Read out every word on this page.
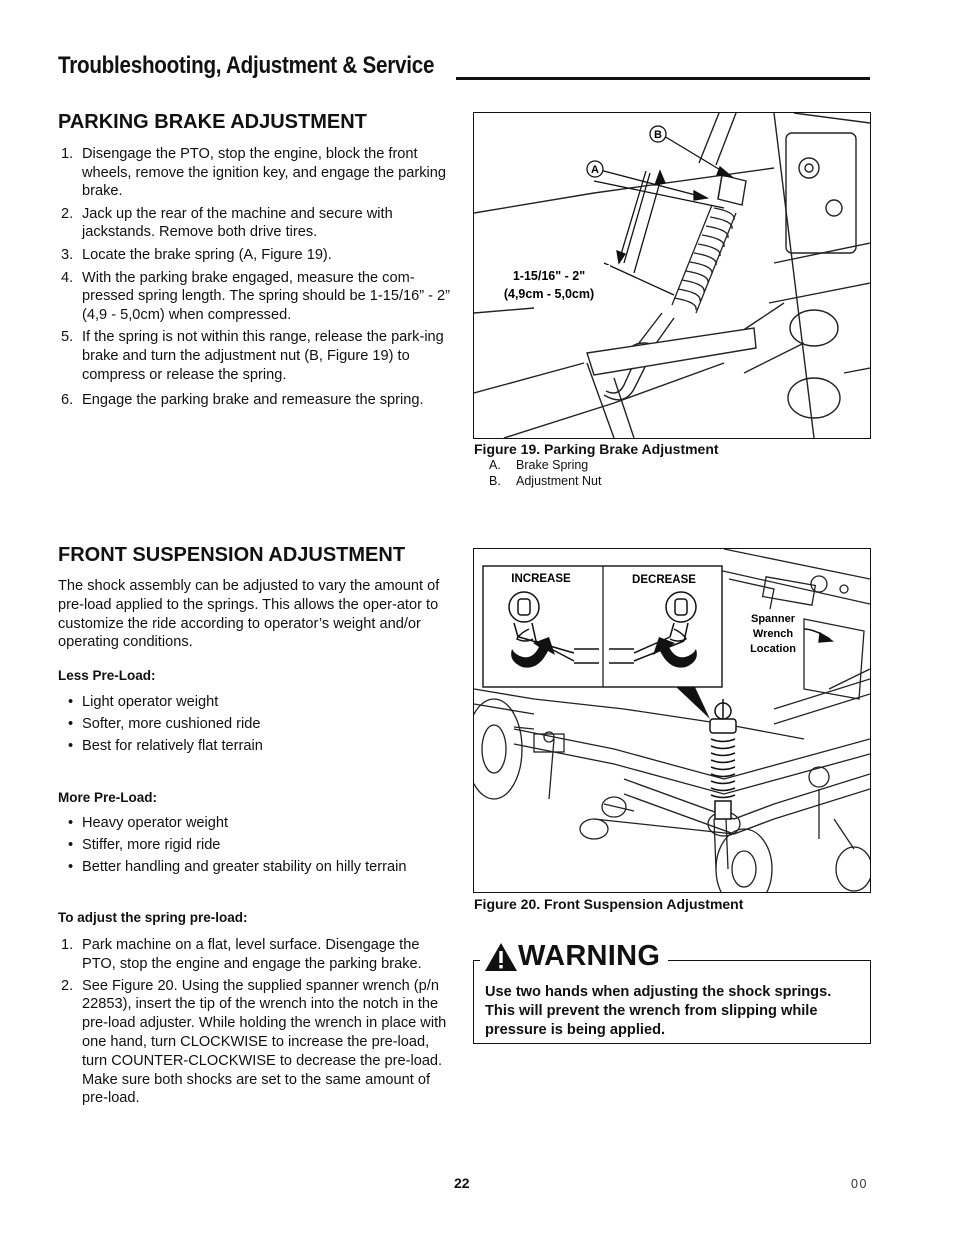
Troubleshooting, Adjustment & Service
PARKING BRAKE ADJUSTMENT
1. Disengage the PTO, stop the engine, block the front wheels, remove the ignition key, and engage the parking brake.
2. Jack up the rear of the machine and secure with jackstands. Remove both drive tires.
3. Locate the brake spring (A, Figure 19).
4. With the parking brake engaged, measure the com-pressed spring length. The spring should be 1-15/16” - 2” (4,9 - 5,0cm) when compressed.
5. If the spring is not within this range, release the park-ing brake and turn the adjustment nut (B, Figure 19) to compress or release the spring.
6. Engage the parking brake and remeasure the spring.
B
A
1-15/16" - 2"
(4,9cm - 5,0cm)
Figure 19. Parking Brake Adjustment
A. Brake Spring
B. Adjustment Nut
FRONT SUSPENSION ADJUSTMENT

The shock assembly can be adjusted to vary the amount of pre-load applied to the springs. This allows the oper-ator to customize the ride according to operator’s weight and/or operating conditions.

Less Pre-Load:

• Light operator weight
• Softer, more cushioned ride
• Best for relatively flat terrain

More Pre-Load:

• Heavy operator weight
• Stiffer, more rigid ride
• Better handling and greater stability on hilly terrain

To adjust the spring pre-load:

1. Park machine on a flat, level surface. Disengage the PTO, stop the engine and engage the parking brake.
2. See Figure 20. Using the supplied spanner wrench (p/n 22853), insert the tip of the wrench into the notch in the pre-load adjuster. While holding the wrench in place with one hand, turn CLOCKWISE to increase the pre-load, turn COUNTER-CLOCKWISE to decrease the pre-load. Make sure both shocks are set to the same amount of pre-load.
INCREASE	DECREASE
Spanner
Wrench
Location
Figure 20. Front Suspension Adjustment
WARNING
Use two hands when adjusting the shock springs. This will prevent the wrench from slipping while pressure is being applied.
22	00
